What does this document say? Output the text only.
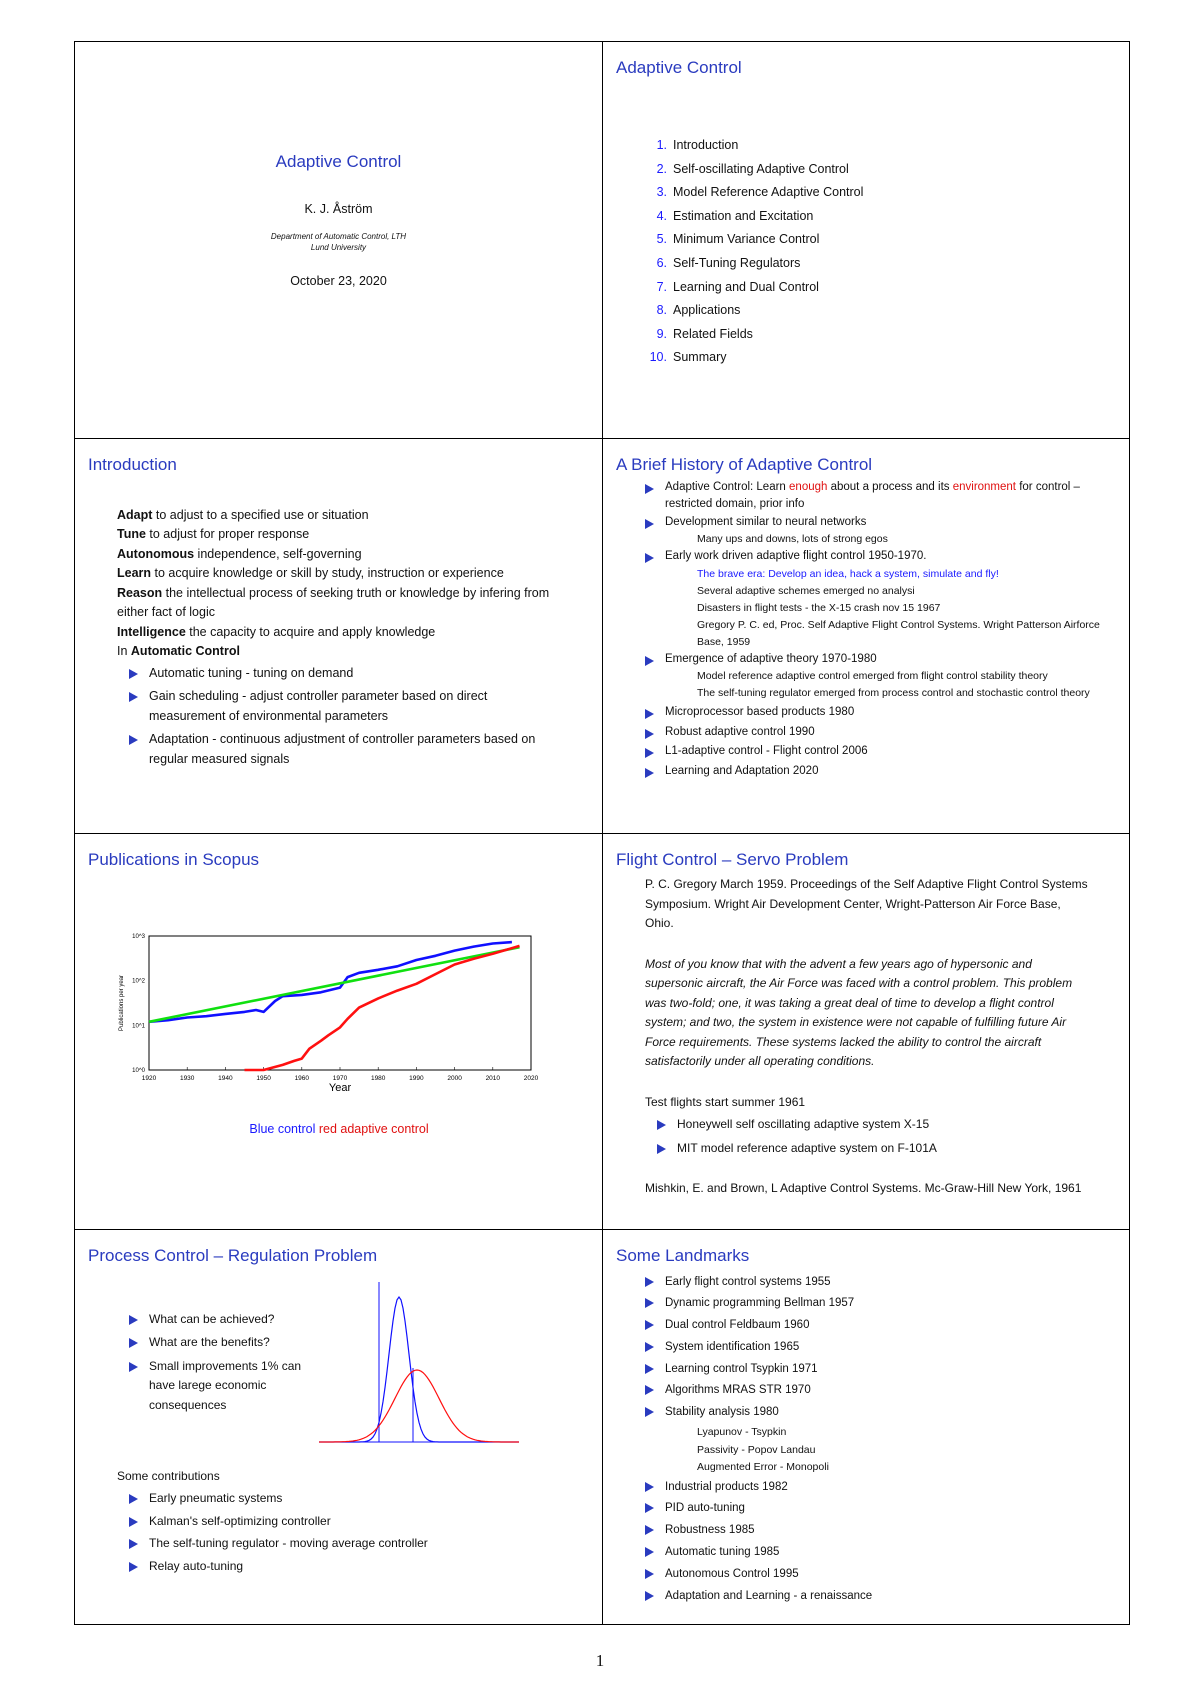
Adaptive Control
K. J. Åström
Department of Automatic Control, LTH
Lund University
October 23, 2020
Adaptive Control
1. Introduction
2. Self-oscillating Adaptive Control
3. Model Reference Adaptive Control
4. Estimation and Excitation
5. Minimum Variance Control
6. Self-Tuning Regulators
7. Learning and Dual Control
8. Applications
9. Related Fields
10. Summary
Introduction
Adapt to adjust to a specified use or situation
Tune to adjust for proper response
Autonomous independence, self-governing
Learn to acquire knowledge or skill by study, instruction or experience
Reason the intellectual process of seeking truth or knowledge by infering from either fact of logic
Intelligence the capacity to acquire and apply knowledge
In Automatic Control
Automatic tuning - tuning on demand
Gain scheduling - adjust controller parameter based on direct measurement of environmental parameters
Adaptation - continuous adjustment of controller parameters based on regular measured signals
A Brief History of Adaptive Control
Adaptive Control: Learn enough about a process and its environment for control – restricted domain, prior info
Development similar to neural networks
Many ups and downs, lots of strong egos
Early work driven adaptive flight control 1950-1970.
The brave era: Develop an idea, hack a system, simulate and fly!
Several adaptive schemes emerged no analysi
Disasters in flight tests - the X-15 crash nov 15 1967
Gregory P. C. ed, Proc. Self Adaptive Flight Control Systems. Wright Patterson Airforce Base, 1959
Emergence of adaptive theory 1970-1980
Model reference adaptive control emerged from flight control stability theory
The self-tuning regulator emerged from process control and stochastic control theory
Microprocessor based products 1980
Robust adaptive control 1990
L1-adaptive control - Flight control 2006
Learning and Adaptation 2020
Publications in Scopus
1920	1930	1940	1950	1960	1970	1980	1990	2000	2010	2020
10^0
10^1
10^2
10^3
Year
Publications per year
Blue control red adaptive control
Flight Control – Servo Problem
P. C. Gregory March 1959. Proceedings of the Self Adaptive Flight Control Systems Symposium. Wright Air Development Center, Wright-Patterson Air Force Base, Ohio.
Most of you know that with the advent a few years ago of hypersonic and supersonic aircraft, the Air Force was faced with a control problem. This problem was two-fold; one, it was taking a great deal of time to develop a flight control system; and two, the system in existence were not capable of fulfilling future Air Force requirements. These systems lacked the ability to control the aircraft satisfactorily under all operating conditions.
Test flights start summer 1961
Honeywell self oscillating adaptive system X-15
MIT model reference adaptive system on F-101A
Mishkin, E. and Brown, L Adaptive Control Systems. Mc-Graw-Hill New York, 1961
Process Control – Regulation Problem
What can be achieved?
What are the benefits?
Small improvements 1% can have larege economic consequences
Some contributions
Early pneumatic systems
Kalman's self-optimizing controller
The self-tuning regulator - moving average controller
Relay auto-tuning
Some Landmarks
Early flight control systems 1955
Dynamic programming Bellman 1957
Dual control Feldbaum 1960
System identification 1965
Learning control Tsypkin 1971
Algorithms MRAS STR 1970
Stability analysis 1980
Lyapunov - Tsypkin
Passivity - Popov Landau
Augmented Error - Monopoli
Industrial products 1982
PID auto-tuning
Robustness 1985
Automatic tuning 1985
Autonomous Control 1995
Adaptation and Learning - a renaissance
1
